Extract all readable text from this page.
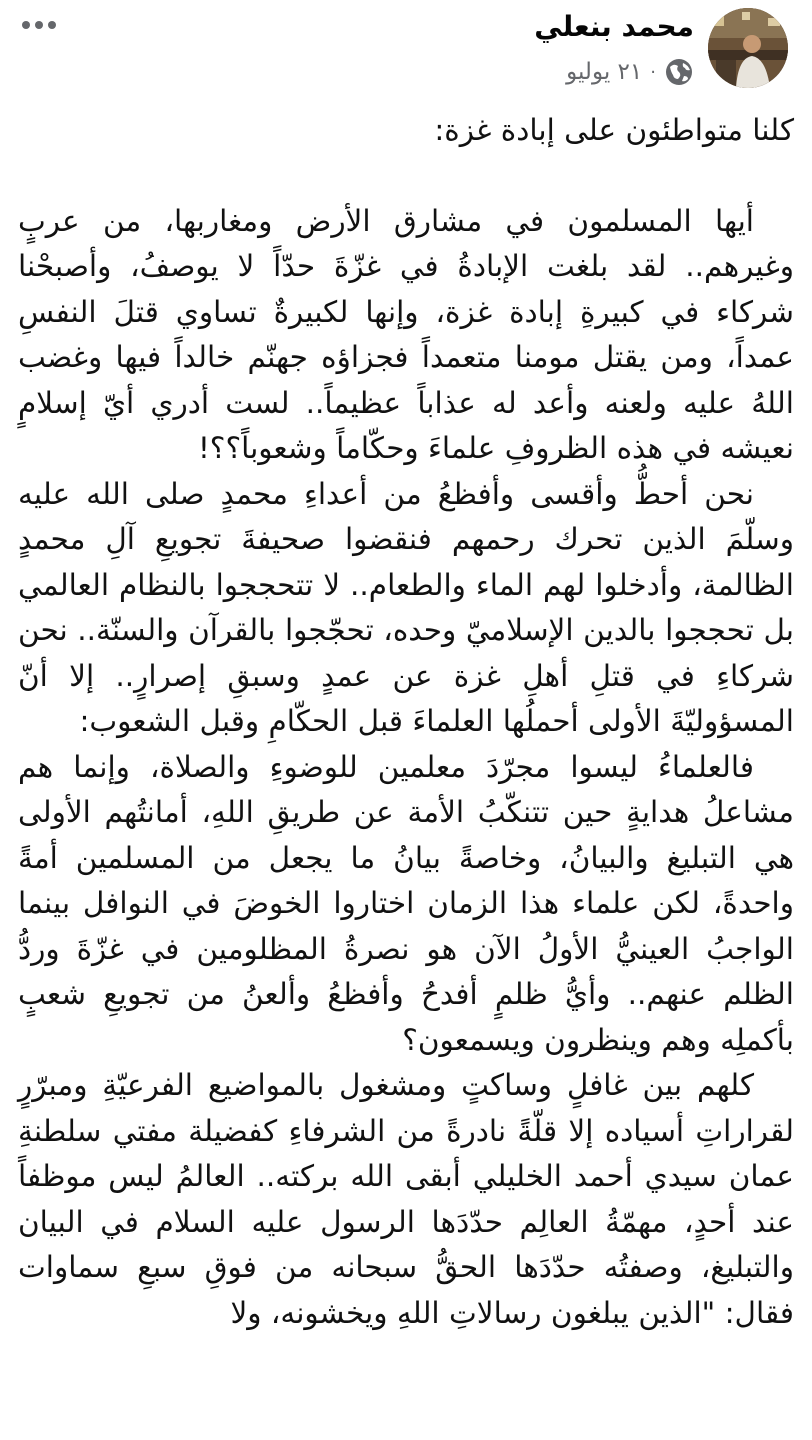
محمد بنعلي
٢١ يوليو ·

كلنا متواطئون على إبادة غزة:

أيها المسلمون في مشارق الأرض ومغاربها، من عربٍ وغيرهم.. لقد بلغت الإبادةُ في غزّةَ حدّاً لا يوصفُ، وأصبحْنا شركاء في كبيرةِ إبادة غزة، وإنها لكبيرةٌ تساوي قتلَ النفسِ عمداً، ومن يقتل مومنا متعمداً فجزاؤه جهنّم خالداً فيها وغضب اللهُ عليه ولعنه وأعد له عذاباً عظيماً.. لست أدري أيّ إسلامٍ نعيشه في هذه الظروفِ علماءَ وحكّاماً وشعوباً؟؟!

نحن أحطُّ وأقسى وأفظعُ من أعداءِ محمدٍ صلى الله عليه وسلّمَ الذين تحرك رحمهم فنقضوا صحيفةَ تجويعِ آلِ محمدٍ الظالمة، وأدخلوا لهم الماء والطعام.. لا تتحججوا بالنظام العالمي بل تحججوا بالدين الإسلاميّ وحده، تحجّجوا بالقرآن والسنّة.. نحن شركاءِ في قتلِ أهلِ غزة عن عمدٍ وسبقِ إصرارٍ.. إلا أنّ المسؤوليّةَ الأولى أحملُها العلماءَ قبل الحكّامِ وقبل الشعوب:

فالعلماءُ ليسوا مجرّدَ معلمين للوضوءِ والصلاة، وإنما هم مشاعلُ هدايةٍ حين تتنكّبُ الأمة عن طريقِ اللهِ، أمانتُهم الأولى هي التبليغ والبيانُ، وخاصةً بيانُ ما يجعل من المسلمين أمةً واحدةً، لكن علماء هذا الزمان اختاروا الخوضَ في النوافل بينما الواجبُ العينيُّ الأولُ الآن هو نصرةُ المظلومين في غزّةَ وردُّ الظلم عنهم.. وأيُّ ظلمٍ أفدحُ وأفظعُ وألعنُ من تجويعِ شعبٍ بأكملِه وهم وينظرون ويسمعون؟

كلهم بين غافلٍ وساكتٍ ومشغول بالمواضيع الفرعيّةِ ومبرّرٍ لقراراتِ أسياده إلا قلّةً نادرةً من الشرفاءِ كفضيلة مفتي سلطنةِ عمان سيدي أحمد الخليلي أبقى الله بركته.. العالمُ ليس موظفاً عند أحدٍ، مهمّةُ العالِم حدّدَها الرسول عليه السلام في البيان والتبليغ، وصفتُه حدّدَها الحقُّ سبحانه من فوقِ سبعِ سماوات فقال: "الذين يبلغون رسالاتِ اللهِ ويخشونه، ولا
